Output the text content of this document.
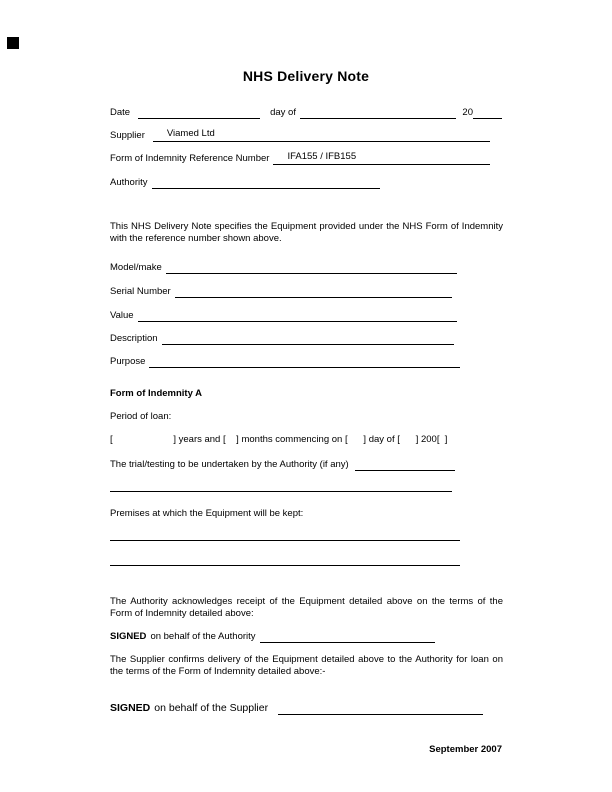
NHS Delivery Note
Date	day of	20
Supplier	Viamed Ltd
Form of Indemnity Reference Number	IFA155 / IFB155
Authority
This NHS Delivery Note specifies the Equipment provided under the NHS Form of Indemnity with the reference number shown above.
Model/make
Serial Number
Value
Description
Purpose
Form of Indemnity A
Period of loan:
[                       ] years and [    ] months commencing on [      ] day of [      ] 200[  ]
The trial/testing to be undertaken by the Authority (if any)
Premises at which the Equipment will be kept:
The Authority acknowledges receipt of the Equipment detailed above on the terms of the Form of Indemnity detailed above:
SIGNED on behalf of the Authority
The Supplier confirms delivery of the Equipment detailed above to the Authority for loan on the terms of the Form of Indemnity detailed above:-
SIGNED on behalf of the Supplier
September 2007
